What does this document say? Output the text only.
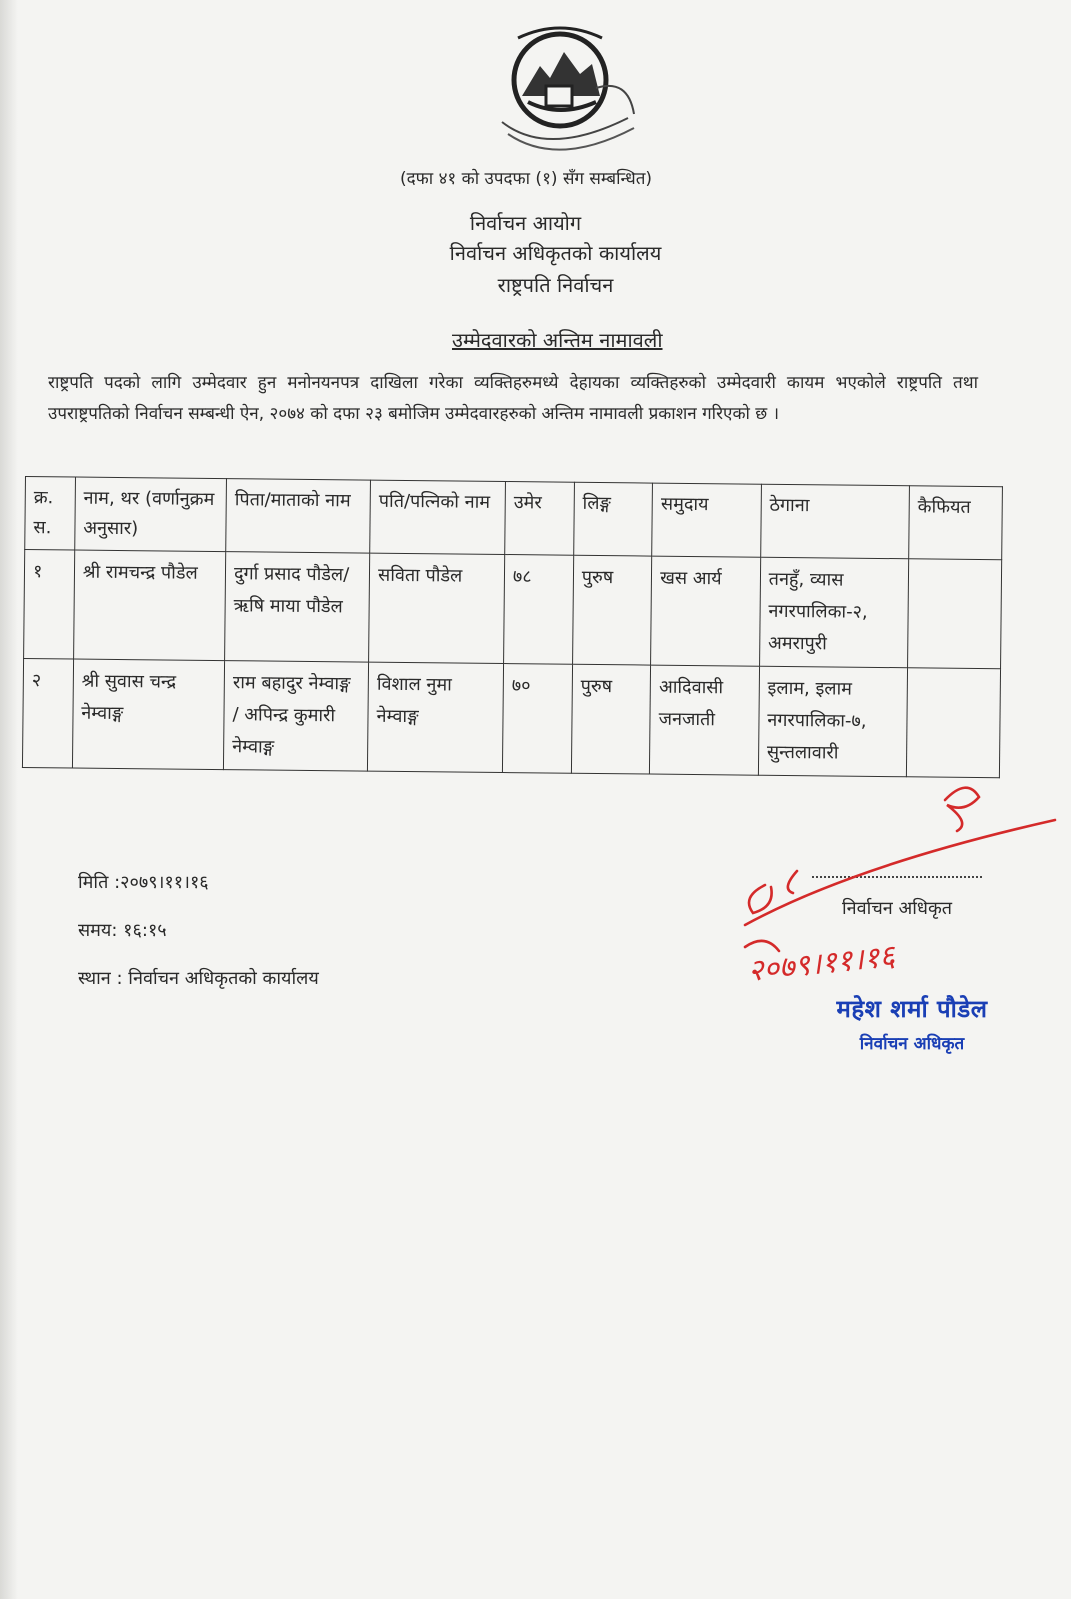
(दफा ४१ को उपदफा (१) सँग सम्बन्धित)
निर्वाचन आयोग
निर्वाचन अधिकृतको कार्यालय
राष्ट्रपति निर्वाचन
उम्मेदवारको अन्तिम नामावली
राष्ट्रपति पदको लागि उम्मेदवार हुन मनोनयनपत्र दाखिला गरेका व्यक्तिहरुमध्ये देहायका व्यक्तिहरुको उम्मेदवारी कायम भएकोले राष्ट्रपति तथा उपराष्ट्रपतिको निर्वाचन सम्बन्धी ऐन, २०७४ को दफा २३ बमोजिम उम्मेदवारहरुको अन्तिम नामावली प्रकाशन गरिएको छ ।
क्र. स.	नाम, थर (वर्णानुक्रम अनुसार)	पिता/माताको नाम	पति/पत्निको नाम	उमेर	लिङ्ग	समुदाय	ठेगाना	कैफियत
१	श्री रामचन्द्र पौडेल	दुर्गा प्रसाद पौडेल/ऋषि माया पौडेल	सविता पौडेल	७८	पुरुष	खस आर्य	तनहुँ, व्यास नगरपालिका-२, अमरापुरी	
२	श्री सुवास चन्द्र नेम्वाङ्ग	राम बहादुर नेम्वाङ्ग / अपिन्द्र कुमारी नेम्वाङ्ग	विशाल नुमा नेम्वाङ्ग	७०	पुरुष	आदिवासी जनजाती	इलाम, इलाम नगरपालिका-७, सुन्तलावारी	
मिति :२०७९।११।१६
समय: १६:१५
स्थान : निर्वाचन अधिकृतको कार्यालय
निर्वाचन अधिकृत
२०७९।११।१६
महेश शर्मा पौडेल
निर्वाचन अधिकृत
